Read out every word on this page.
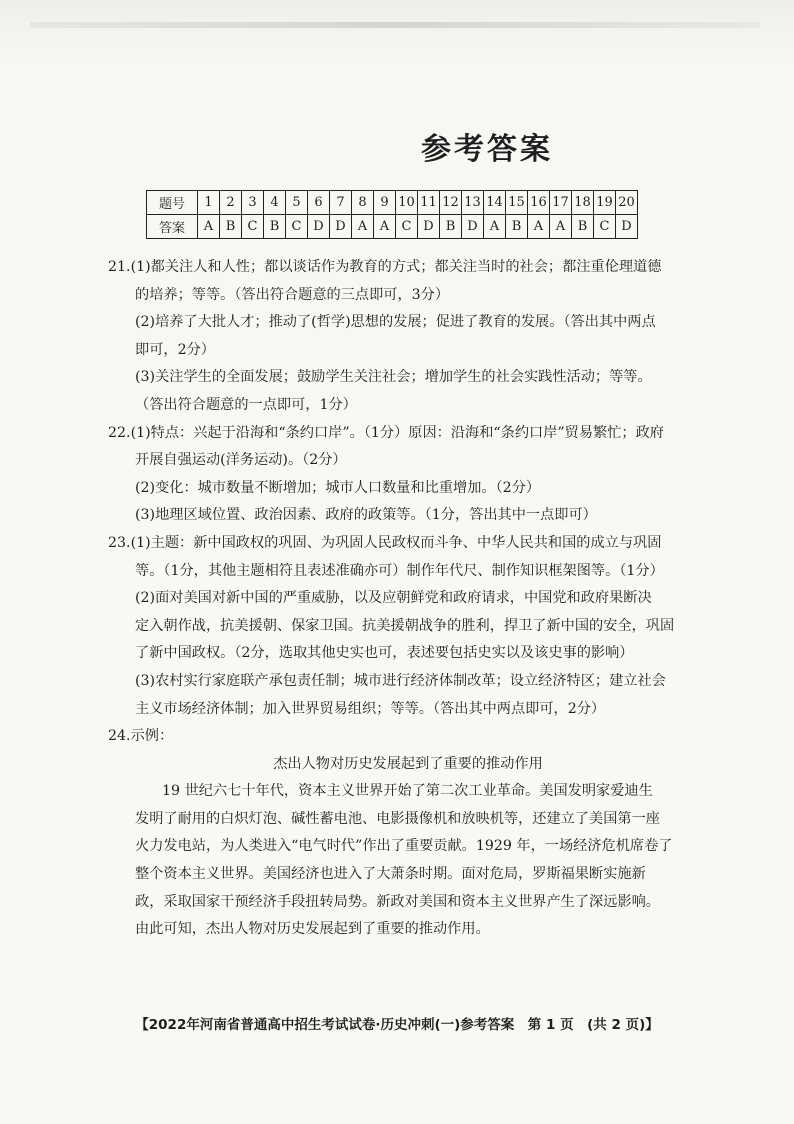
参考答案
题号	1	2	3	4	5	6	7	8	9	10	11	12	13	14	15	16	17	18	19	20
答案	A	B	C	B	C	D	D	A	A	C	D	B	D	A	B	A	A	B	C	D
21.(1)都关注人和人性；都以谈话作为教育的方式；都关注当时的社会；都注重伦理道德
的培养；等等。（答出符合题意的三点即可，3分）
(2)培养了大批人才；推动了(哲学)思想的发展；促进了教育的发展。（答出其中两点
即可，2分）
(3)关注学生的全面发展；鼓励学生关注社会；增加学生的社会实践性活动；等等。
（答出符合题意的一点即可，1分）
22.(1)特点：兴起于沿海和“条约口岸”。（1分）原因：沿海和“条约口岸”贸易繁忙；政府
开展自强运动(洋务运动)。（2分）
(2)变化：城市数量不断增加；城市人口数量和比重增加。（2分）
(3)地理区域位置、政治因素、政府的政策等。（1分，答出其中一点即可）
23.(1)主题：新中国政权的巩固、为巩固人民政权而斗争、中华人民共和国的成立与巩固
等。（1分，其他主题相符且表述准确亦可）制作年代尺、制作知识框架图等。（1分）
(2)面对美国对新中国的严重威胁，以及应朝鲜党和政府请求，中国党和政府果断决
定入朝作战，抗美援朝、保家卫国。抗美援朝战争的胜利，捍卫了新中国的安全，巩固
了新中国政权。（2分，选取其他史实也可，表述要包括史实以及该史事的影响）
(3)农村实行家庭联产承包责任制；城市进行经济体制改革；设立经济特区；建立社会
主义市场经济体制；加入世界贸易组织；等等。（答出其中两点即可，2分）
24.示例：
杰出人物对历史发展起到了重要的推动作用
19 世纪六七十年代，资本主义世界开始了第二次工业革命。美国发明家爱迪生
发明了耐用的白炽灯泡、碱性蓄电池、电影摄像机和放映机等，还建立了美国第一座
火力发电站，为人类进入“电气时代”作出了重要贡献。1929 年，一场经济危机席卷了
整个资本主义世界。美国经济也进入了大萧条时期。面对危局，罗斯福果断实施新
政，采取国家干预经济手段扭转局势。新政对美国和资本主义世界产生了深远影响。
由此可知，杰出人物对历史发展起到了重要的推动作用。
【2022年河南省普通高中招生考试试卷·历史冲刺(一)参考答案　第 1 页　(共 2 页)】
